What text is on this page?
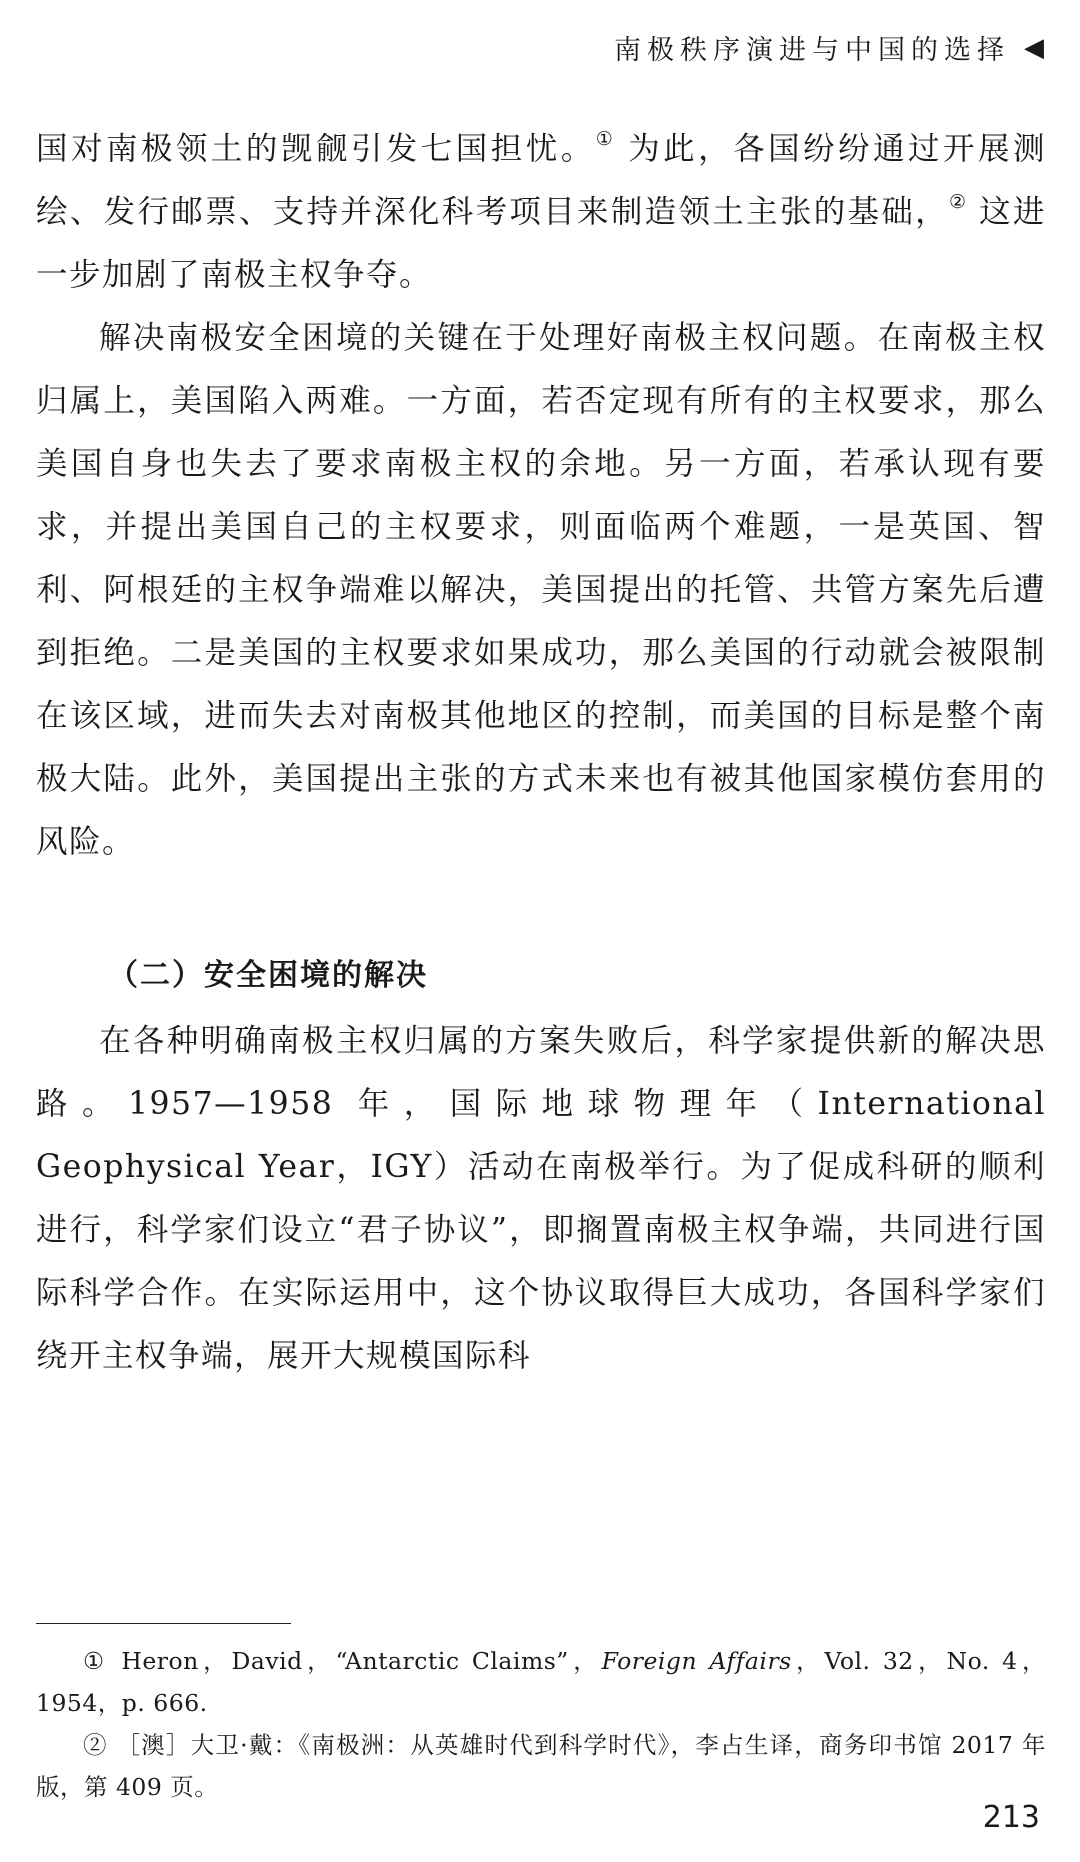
南极秩序演进与中国的选择 ◀

国对南极领土的觊觎引发七国担忧。① 为此，各国纷纷通过开展测绘、发行邮票、支持并深化科考项目来制造领土主张的基础，② 这进一步加剧了南极主权争夺。

解决南极安全困境的关键在于处理好南极主权问题。在南极主权归属上，美国陷入两难。一方面，若否定现有所有的主权要求，那么美国自身也失去了要求南极主权的余地。另一方面，若承认现有要求，并提出美国自己的主权要求，则面临两个难题，一是英国、智利、阿根廷的主权争端难以解决，美国提出的托管、共管方案先后遭到拒绝。二是美国的主权要求如果成功，那么美国的行动就会被限制在该区域，进而失去对南极其他地区的控制，而美国的目标是整个南极大陆。此外，美国提出主张的方式未来也有被其他国家模仿套用的风险。

（二）安全困境的解决

在各种明确南极主权归属的方案失败后，科学家提供新的解决思路。1957—1958 年，国际地球物理年（International Geophysical Year，IGY）活动在南极举行。为了促成科研的顺利进行，科学家们设立“君子协议”，即搁置南极主权争端，共同进行国际科学合作。在实际运用中，这个协议取得巨大成功，各国科学家们绕开主权争端，展开大规模国际科

① Heron，David，“Antarctic Claims”，Foreign Affairs，Vol. 32，No. 4，1954，p. 666.

② ［澳］大卫·戴：《南极洲：从英雄时代到科学时代》，李占生译，商务印书馆 2017 年版，第 409 页。

213
